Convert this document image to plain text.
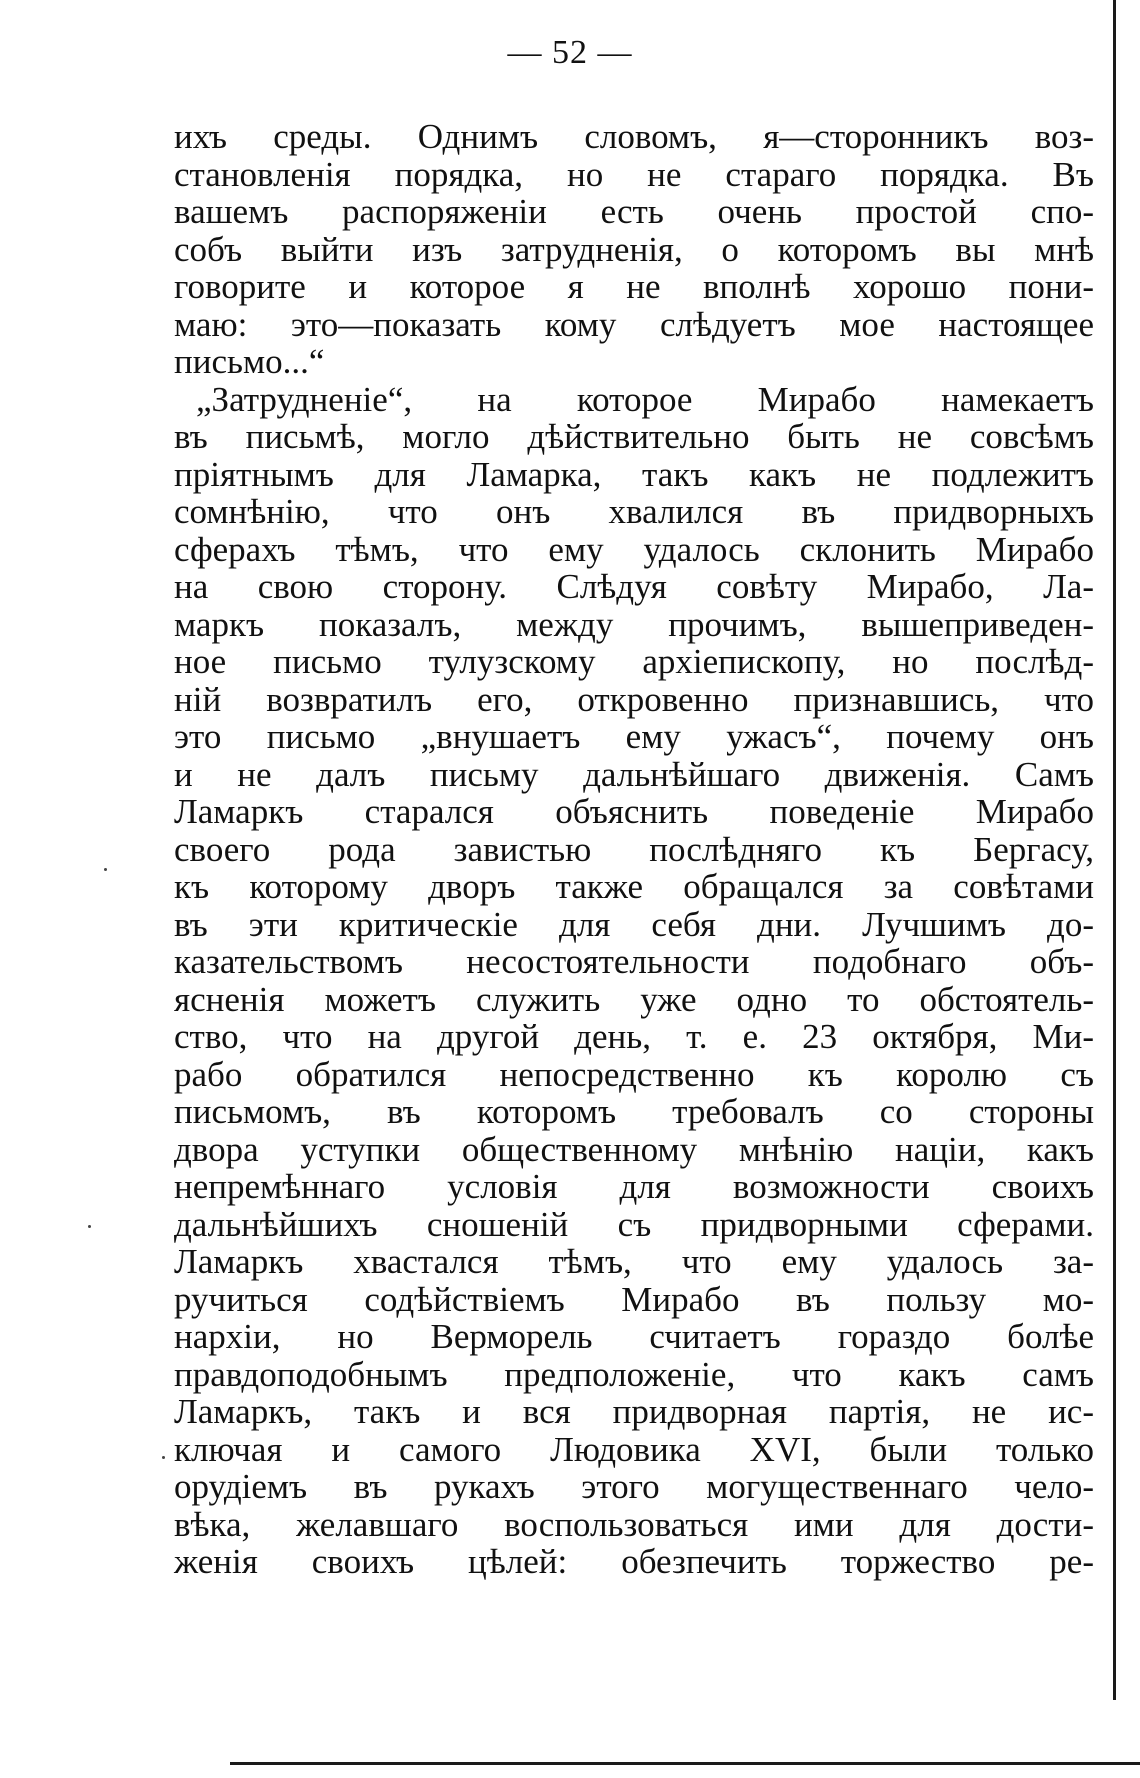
— 52 —
ихъ среды. Однимъ словомъ, я—сторонникъ воз-
становленія порядка, но не стараго порядка. Въ
вашемъ распоряженіи есть очень простой спо-
собъ выйти изъ затрудненія, о которомъ вы мнѣ
говорите и которое я не вполнѣ хорошо пони-
маю: это—показать кому слѣдуетъ мое настоящее
письмо...“
„Затрудненіе“, на которое Мирабо намекаетъ
въ письмѣ, могло дѣйствительно быть не совсѣмъ
пріятнымъ для Ламарка, такъ какъ не подлежитъ
сомнѣнію, что онъ хвалился въ придворныхъ
сферахъ тѣмъ, что ему удалось склонить Мирабо
на свою сторону. Слѣдуя совѣту Мирабо, Ла-
маркъ показалъ, между прочимъ, вышеприведен-
ное письмо тулузскому архіепископу, но послѣд-
ній возвратилъ его, откровенно признавшись, что
это письмо „внушаетъ ему ужасъ“, почему онъ
и не далъ письму дальнѣйшаго движенія. Самъ
Ламаркъ старался объяснить поведеніе Мирабо
своего рода завистью послѣдняго къ Бергасу,
къ которому дворъ также обращался за совѣтами
въ эти критическіе для себя дни. Лучшимъ до-
казательствомъ несостоятельности подобнаго объ-
ясненія можетъ служить уже одно то обстоятель-
ство, что на другой день, т. е. 23 октября, Ми-
рабо обратился непосредственно къ королю съ
письмомъ, въ которомъ требовалъ со стороны
двора уступки общественному мнѣнію націи, какъ
непремѣннаго условія для возможности своихъ
дальнѣйшихъ сношеній съ придворными сферами.
Ламаркъ хвастался тѣмъ, что ему удалось за-
ручиться содѣйствіемъ Мирабо въ пользу мо-
нархіи, но Верморель считаетъ гораздо болѣе
правдоподобнымъ предположеніе, что какъ самъ
Ламаркъ, такъ и вся придворная партія, не ис-
ключая и самого Людовика XVI, были только
орудіемъ въ рукахъ этого могущественнаго чело-
вѣка, желавшаго воспользоваться ими для дости-
женія своихъ цѣлей: обезпечить торжество ре-
